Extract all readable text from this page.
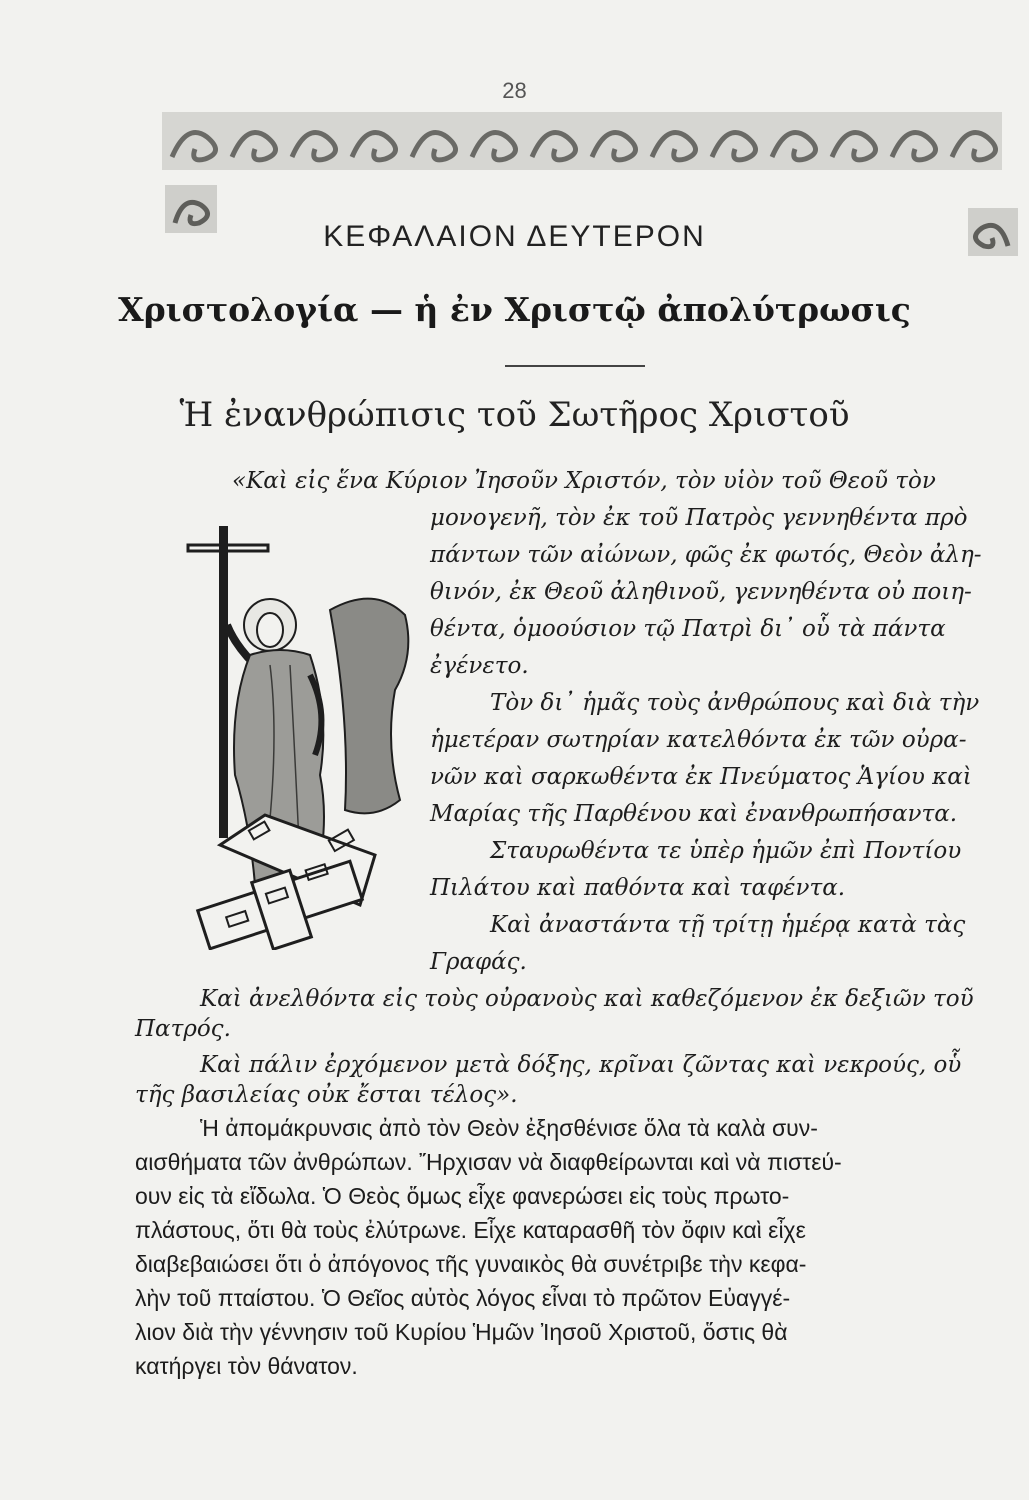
28
ΚΕΦΑΛΑΙΟΝ ΔΕΥΤΕΡΟΝ
Χριστολογία — ἡ ἐν Χριστῷ ἀπολύτρωσις
Ἡ ἐνανθρώπισις τοῦ Σωτῆρος Χριστοῦ
«Καὶ εἰς ἕνα Κύριον Ἰησοῦν Χριστόν, τὸν υἱὸν τοῦ Θεοῦ τὸν
μονογενῆ, τὸν ἐκ τοῦ Πατρὸς γεννηθέντα πρὸ
πάντων τῶν αἰώνων, φῶς ἐκ φωτός, Θεὸν ἀλη-
θινόν, ἐκ Θεοῦ ἀληθινοῦ, γεννηθέντα οὐ ποιη-
θέντα, ὁμοούσιον τῷ Πατρὶ δι᾽ οὗ τὰ πάντα
ἐγένετο.
Τὸν δι᾽ ἡμᾶς τοὺς ἀνθρώπους καὶ διὰ τὴν
ἡμετέραν σωτηρίαν κατελθόντα ἐκ τῶν οὐρα-
νῶν καὶ σαρκωθέντα ἐκ Πνεύματος Ἁγίου καὶ
Μαρίας τῆς Παρθένου καὶ ἐνανθρωπήσαντα.
Σταυρωθέντα τε ὑπὲρ ἡμῶν ἐπὶ Ποντίου
Πιλάτου καὶ παθόντα καὶ ταφέντα.
Καὶ ἀναστάντα τῇ τρίτῃ ἡμέρᾳ κατὰ τὰς
Γραφάς.
Καὶ ἀνελθόντα εἰς τοὺς οὐρανοὺς καὶ καθεζόμενον ἐκ δεξιῶν τοῦ
Πατρός.
Καὶ πάλιν ἐρχόμενον μετὰ δόξης, κρῖναι ζῶντας καὶ νεκρούς, οὗ
τῆς βασιλείας οὐκ ἔσται τέλος».
Ἡ ἀπομάκρυνσις ἀπὸ τὸν Θεὸν ἐξησθένισε ὅλα τὰ καλὰ συν-
αισθήματα τῶν ἀνθρώπων. Ἤρχισαν νὰ διαφθείρωνται καὶ νὰ πιστεύ-
ουν εἰς τὰ εἴδωλα. Ὁ Θεὸς ὅμως εἶχε φανερώσει εἰς τοὺς πρωτο-
πλάστους, ὅτι θὰ τοὺς ἐλύτρωνε. Εἶχε καταρασθῆ τὸν ὄφιν καὶ εἶχε
διαβεβαιώσει ὅτι ὁ ἀπόγονος τῆς γυναικὸς θὰ συνέτριβε τὴν κεφα-
λὴν τοῦ πταίστου. Ὁ Θεῖος αὐτὸς λόγος εἶναι τὸ πρῶτον Εὐαγγέ-
λιον διὰ τὴν γέννησιν τοῦ Κυρίου Ἡμῶν Ἰησοῦ Χριστοῦ, ὅστις θὰ
κατήργει τὸν θάνατον.
